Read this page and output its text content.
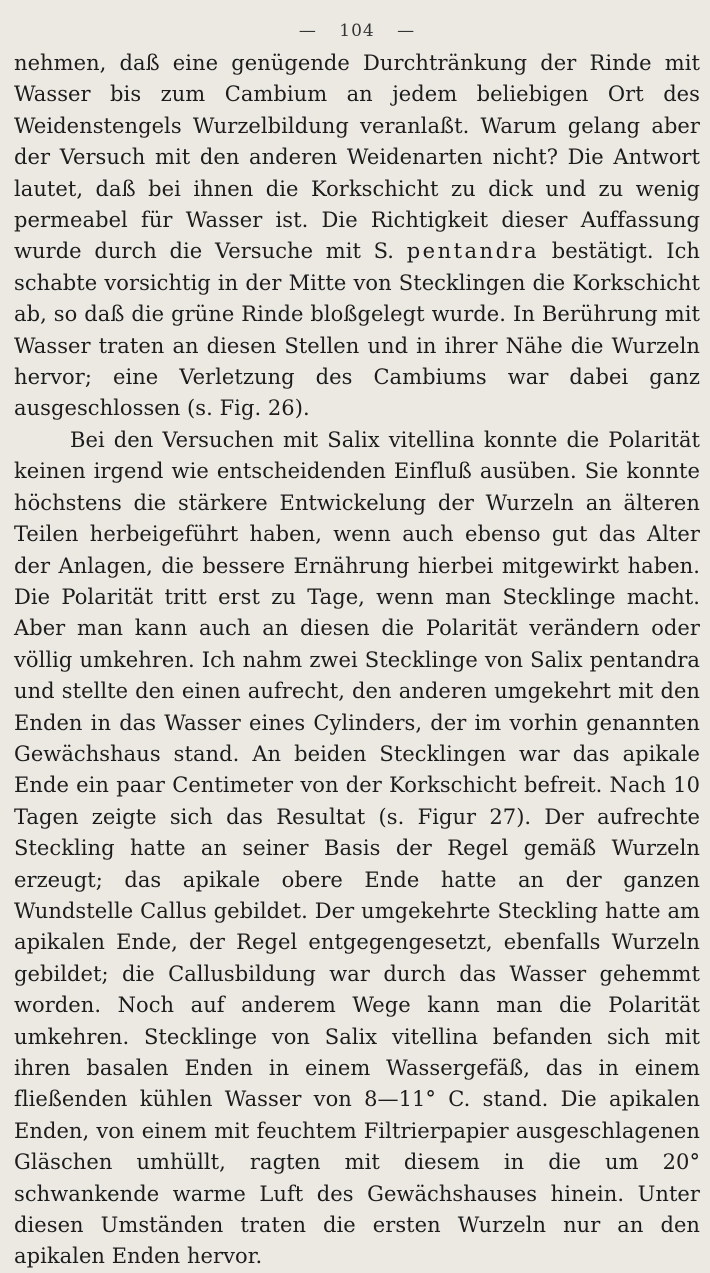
— 104 —

nehmen, daß eine genügende Durchtränkung der Rinde mit Wasser bis zum Cambium an jedem beliebigen Ort des Weidenstengels Wurzelbildung veranlaßt. Warum gelang aber der Versuch mit den anderen Weidenarten nicht? Die Antwort lautet, daß bei ihnen die Korkschicht zu dick und zu wenig permeabel für Wasser ist. Die Richtigkeit dieser Auffassung wurde durch die Versuche mit S. pentandra bestätigt. Ich schabte vorsichtig in der Mitte von Stecklingen die Korkschicht ab, so daß die grüne Rinde bloßgelegt wurde. In Berührung mit Wasser traten an diesen Stellen und in ihrer Nähe die Wurzeln hervor; eine Verletzung des Cambiums war dabei ganz ausgeschlossen (s. Fig. 26).

Bei den Versuchen mit Salix vitellina konnte die Polarität keinen irgend wie entscheidenden Einfluß ausüben. Sie konnte höchstens die stärkere Entwickelung der Wurzeln an älteren Teilen herbeigeführt haben, wenn auch ebenso gut das Alter der Anlagen, die bessere Ernährung hierbei mitgewirkt haben. Die Polarität tritt erst zu Tage, wenn man Stecklinge macht. Aber man kann auch an diesen die Polarität verändern oder völlig umkehren. Ich nahm zwei Stecklinge von Salix pentandra und stellte den einen aufrecht, den anderen umgekehrt mit den Enden in das Wasser eines Cylinders, der im vorhin genannten Gewächshaus stand. An beiden Stecklingen war das apikale Ende ein paar Centimeter von der Korkschicht befreit. Nach 10 Tagen zeigte sich das Resultat (s. Figur 27). Der aufrechte Steckling hatte an seiner Basis der Regel gemäß Wurzeln erzeugt; das apikale obere Ende hatte an der ganzen Wundstelle Callus gebildet. Der umgekehrte Steckling hatte am apikalen Ende, der Regel entgegengesetzt, ebenfalls Wurzeln gebildet; die Callusbildung war durch das Wasser gehemmt worden. Noch auf anderem Wege kann man die Polarität umkehren. Stecklinge von Salix vitellina befanden sich mit ihren basalen Enden in einem Wassergefäß, das in einem fließenden kühlen Wasser von 8—11° C. stand. Die apikalen Enden, von einem mit feuchtem Filtrierpapier ausgeschlagenen Gläschen umhüllt, ragten mit diesem in die um 20° schwankende warme Luft des Gewächshauses hinein. Unter diesen Umständen traten die ersten Wurzeln nur an den apikalen Enden hervor.
